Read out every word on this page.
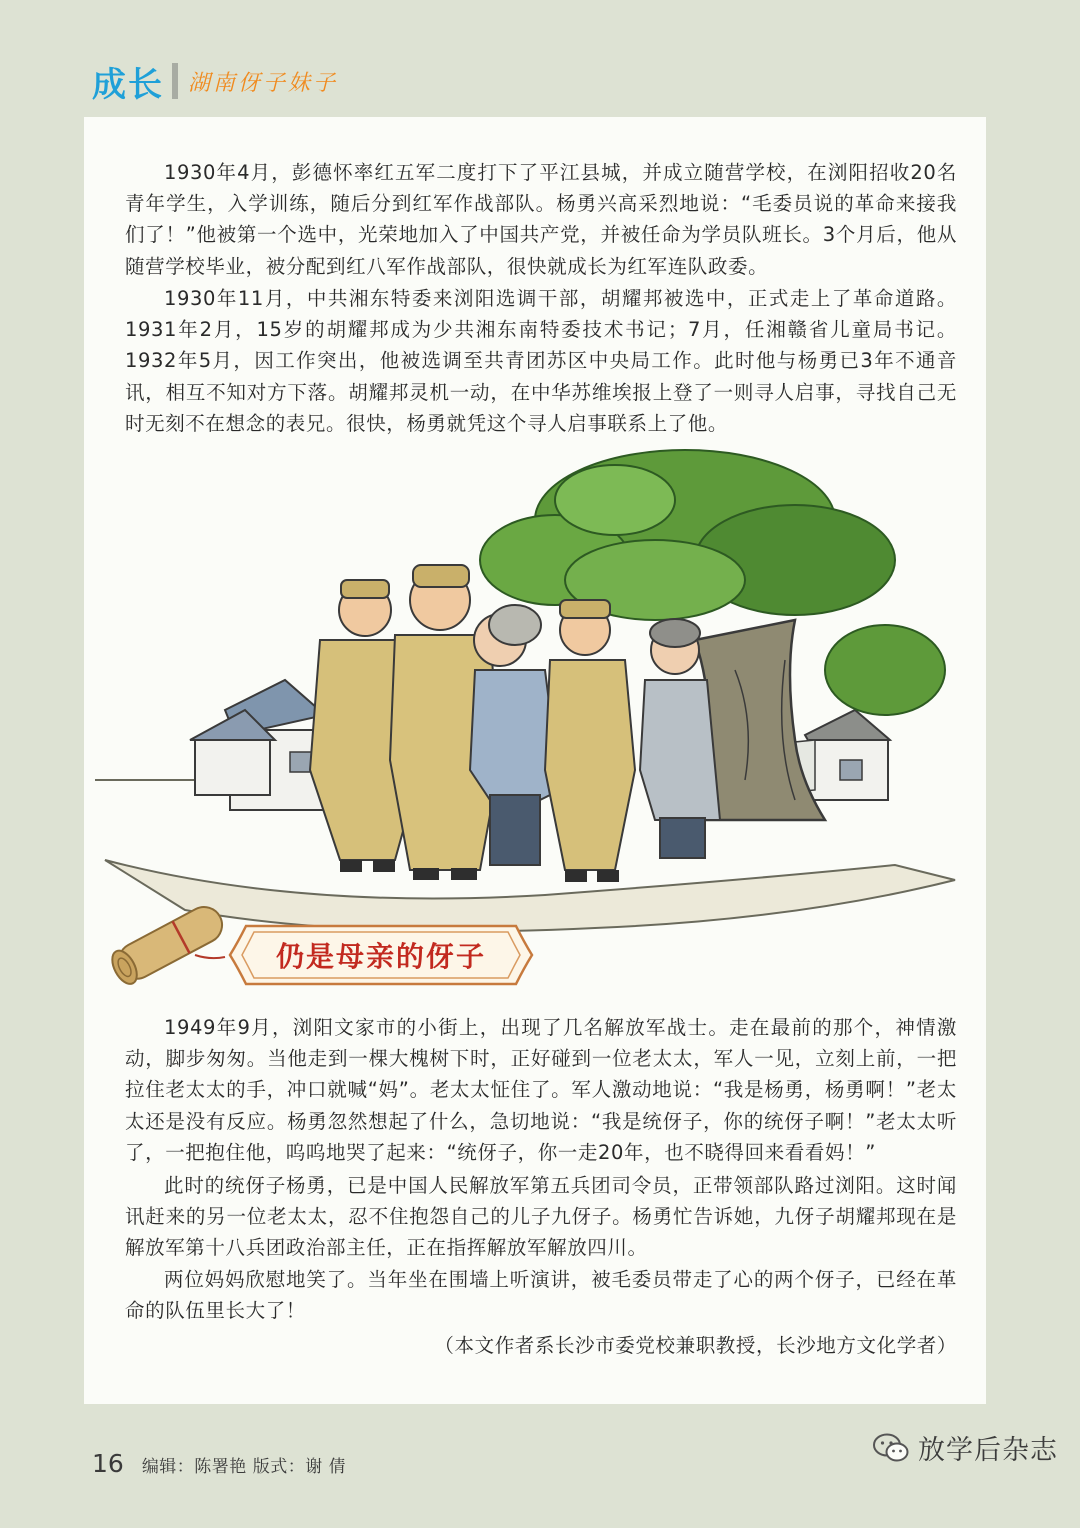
成长 湖南伢子妹子

1930年4月，彭德怀率红五军二度打下了平江县城，并成立随营学校，在浏阳招收20名青年学生，入学训练，随后分到红军作战部队。杨勇兴高采烈地说：“毛委员说的革命来接我们了！”他被第一个选中，光荣地加入了中国共产党，并被任命为学员队班长。3个月后，他从随营学校毕业，被分配到红八军作战部队，很快就成长为红军连队政委。

1930年11月，中共湘东特委来浏阳选调干部，胡耀邦被选中，正式走上了革命道路。1931年2月，15岁的胡耀邦成为少共湘东南特委技术书记；7月，任湘赣省儿童局书记。1932年5月，因工作突出，他被选调至共青团苏区中央局工作。此时他与杨勇已3年不通音讯，相互不知对方下落。胡耀邦灵机一动，在中华苏维埃报上登了一则寻人启事，寻找自己无时无刻不在想念的表兄。很快，杨勇就凭这个寻人启事联系上了他。

仍是母亲的伢子

1949年9月，浏阳文家市的小街上，出现了几名解放军战士。走在最前的那个，神情激动，脚步匆匆。当他走到一棵大槐树下时，正好碰到一位老太太，军人一见，立刻上前，一把拉住老太太的手，冲口就喊“妈”。老太太怔住了。军人激动地说：“我是杨勇，杨勇啊！”老太太还是没有反应。杨勇忽然想起了什么，急切地说：“我是统伢子，你的统伢子啊！”老太太听了，一把抱住他，呜呜地哭了起来：“统伢子，你一走20年，也不晓得回来看看妈！”

此时的统伢子杨勇，已是中国人民解放军第五兵团司令员，正带领部队路过浏阳。这时闻讯赶来的另一位老太太，忍不住抱怨自己的儿子九伢子。杨勇忙告诉她，九伢子胡耀邦现在是解放军第十八兵团政治部主任，正在指挥解放军解放四川。

两位妈妈欣慰地笑了。当年坐在围墙上听演讲，被毛委员带走了心的两个伢子，已经在革命的队伍里长大了！

（本文作者系长沙市委党校兼职教授，长沙地方文化学者）
16 编辑：陈署艳 版式：谢 倩
放学后杂志
